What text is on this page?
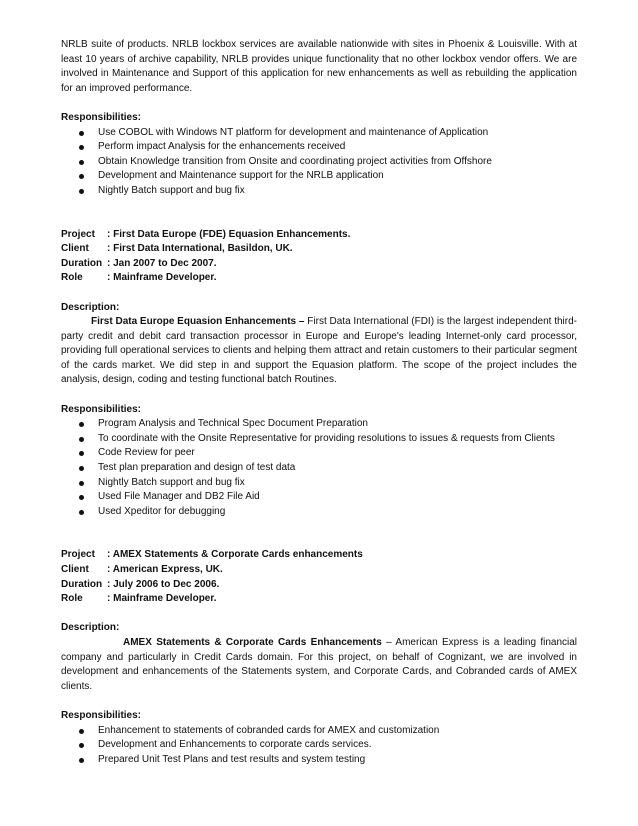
NRLB suite of products. NRLB lockbox services are available nationwide with sites in Phoenix & Louisville. With at least 10 years of archive capability, NRLB provides unique functionality that no other lockbox vendor offers. We are involved in Maintenance and Support of this application for new enhancements as well as rebuilding the application for an improved performance.

Responsibilities:

Use COBOL with Windows NT platform for development and maintenance of Application
Perform impact Analysis for the enhancements received
Obtain Knowledge transition from Onsite and coordinating project activities from Offshore
Development and Maintenance support for the NRLB application
Nightly Batch support and bug fix
Project	: First Data Europe (FDE) Equasion Enhancements.
Client	: First Data International, Basildon, UK.
Duration : Jan 2007 to Dec 2007.
Role	: Mainframe Developer.

Description:

First Data Europe Equasion Enhancements – First Data International (FDI) is the largest independent third-party credit and debit card transaction processor in Europe and Europe's leading Internet-only card processor, providing full operational services to clients and helping them attract and retain customers to their particular segment of the cards market. We did step in and support the Equasion platform. The scope of the project includes the analysis, design, coding and testing functional batch Routines.

Responsibilities:

Program Analysis and Technical Spec Document Preparation
To coordinate with the Onsite Representative for providing resolutions to issues & requests from Clients
Code Review for peer
Test plan preparation and design of test data
Nightly Batch support and bug fix
Used File Manager and DB2 File Aid
Used Xpeditor for debugging
Project	: AMEX Statements & Corporate Cards enhancements
Client	: American Express, UK.
Duration : July 2006 to Dec 2006.
Role	: Mainframe Developer.

Description:

AMEX Statements & Corporate Cards Enhancements – American Express is a leading financial company and particularly in Credit Cards domain. For this project, on behalf of Cognizant, we are involved in development and enhancements of the Statements system, and Corporate Cards, and Cobranded cards of AMEX clients.

Responsibilities:

Enhancement to statements of cobranded cards for AMEX and customization
Development and Enhancements to corporate cards services.
Prepared Unit Test Plans and test results and system testing
